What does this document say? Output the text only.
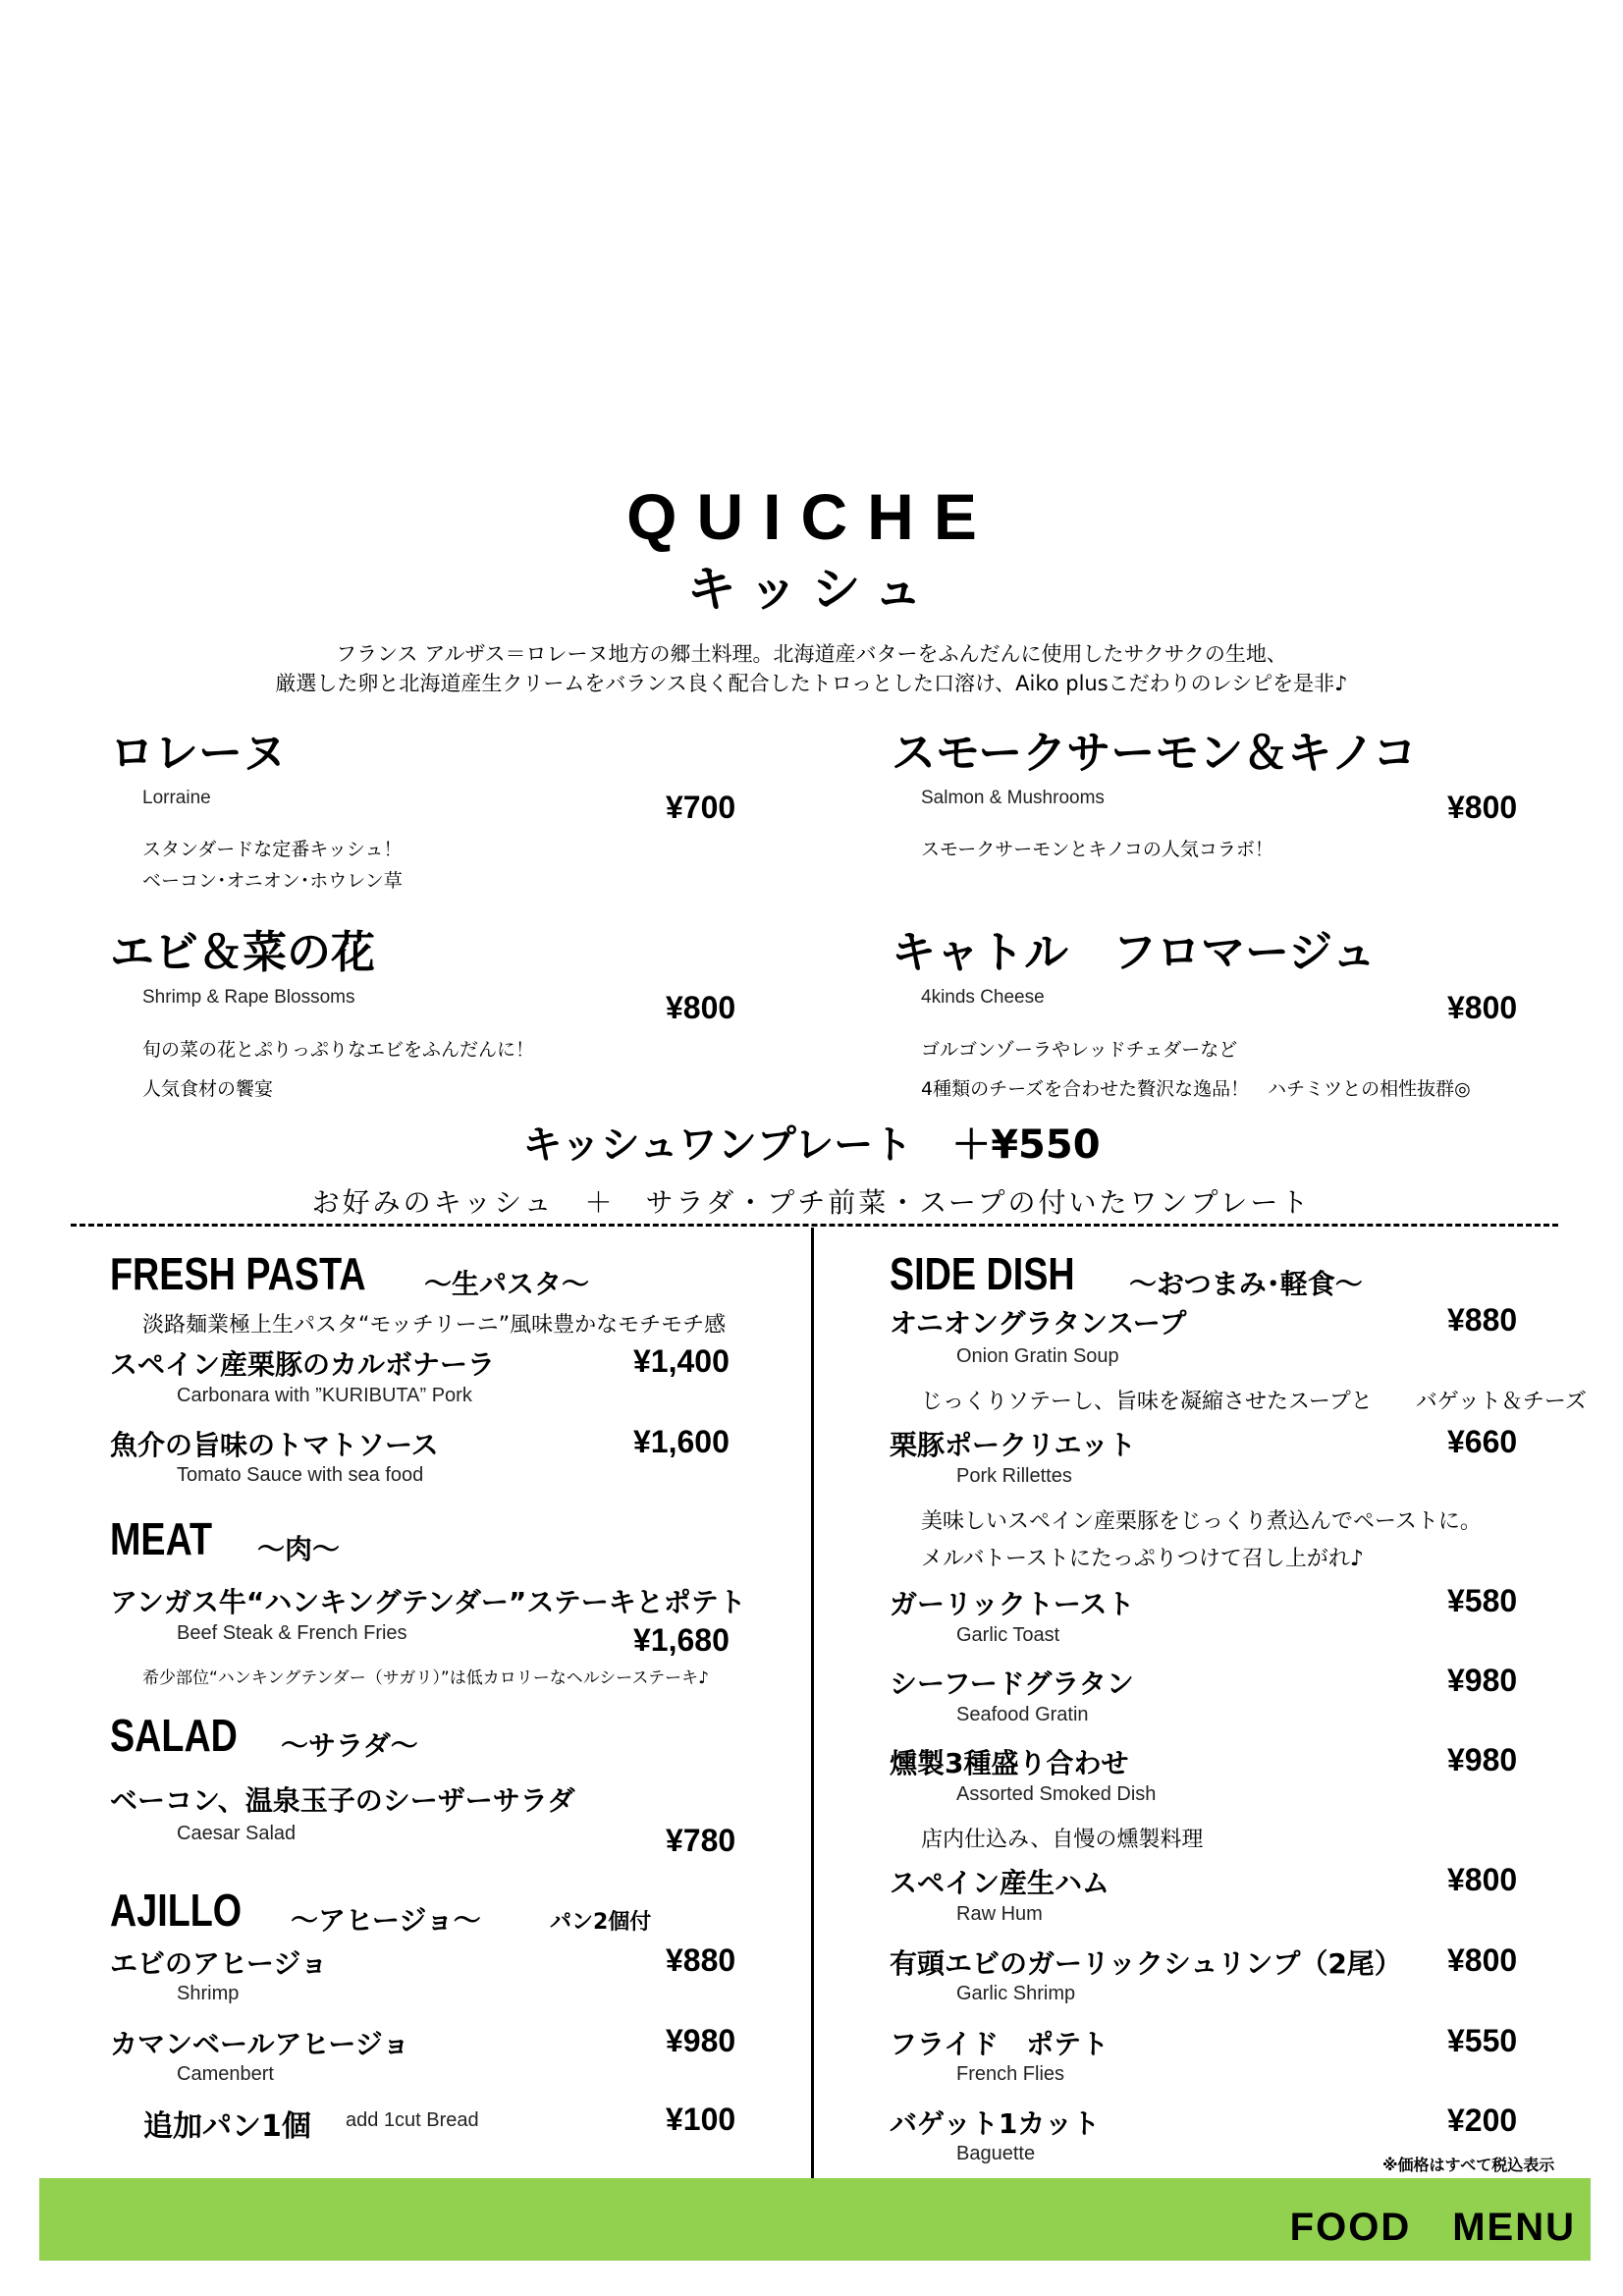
QUICHE
キッシュ
フランス アルザス＝ロレーヌ地方の郷土料理。北海道産バターをふんだんに使用したサクサクの生地、
厳選した卵と北海道産生クリームをバランス良く配合したトロっとした口溶け、Aiko plusこだわりのレシピを是非♪
ロレーヌ
Lorraine	¥700
スタンダードな定番キッシュ！
ベーコン･オニオン･ホウレン草
スモークサーモン＆キノコ
Salmon & Mushrooms	¥800
スモークサーモンとキノコの人気コラボ！
エビ＆菜の花
Shrimp & Rape Blossoms	¥800
旬の菜の花とぷりっぷりなエビをふんだんに！
人気食材の饗宴
キャトル　フロマージュ
4kinds Cheese	¥800
ゴルゴンゾーラやレッドチェダーなど
4種類のチーズを合わせた贅沢な逸品！　ハチミツとの相性抜群◎
キッシュワンプレート　＋¥550
お好みのキッシュ　＋　サラダ・プチ前菜・スープの付いたワンプレート
FRESH PASTA ～生パスタ～
淡路麺業極上生パスタ“モッチリーニ”風味豊かなモチモチ感
スペイン産栗豚のカルボナーラ
Carbonara with ”KURIBUTA” Pork
¥1,400
魚介の旨味のトマトソース
Tomato Sauce with sea food
¥1,600
MEAT ～肉～
アンガス牛“ハンキングテンダー”ステーキとポテト
Beef Steak & French Fries	¥1,680
希少部位“ハンキングテンダー（サガリ）”は低カロリーなヘルシーステーキ♪
SALAD ～サラダ～
ベーコン、温泉玉子のシーザーサラダ
Caesar Salad	¥780
AJILLO ～アヒージョ～	パン2個付
エビのアヒージョ
Shrimp
¥880
カマンベールアヒージョ
Camenbert
¥980
追加パン1個 add 1cut Bread	¥100
SIDE DISH ～おつまみ･軽食～
オニオングラタンスープ
Onion Gratin Soup
¥880
じっくりソテーし、旨味を凝縮させたスープと　　バゲット＆チーズ
栗豚ポークリエット
Pork Rillettes
¥660
美味しいスペイン産栗豚をじっくり煮込んでペーストに。
メルバトーストにたっぷりつけて召し上がれ♪
ガーリックトースト
Garlic Toast
¥580
シーフードグラタン
Seafood Gratin
¥980
燻製3種盛り合わせ
Assorted Smoked Dish
¥980
店内仕込み、自慢の燻製料理
スペイン産生ハム
Raw Hum
¥800
有頭エビのガーリックシュリンプ（2尾）
Garlic Shrimp
¥800
フライド　ポテト
French Flies
¥550
バゲット1カット
Baguette
¥200
※価格はすべて税込表示
FOOD　MENU
